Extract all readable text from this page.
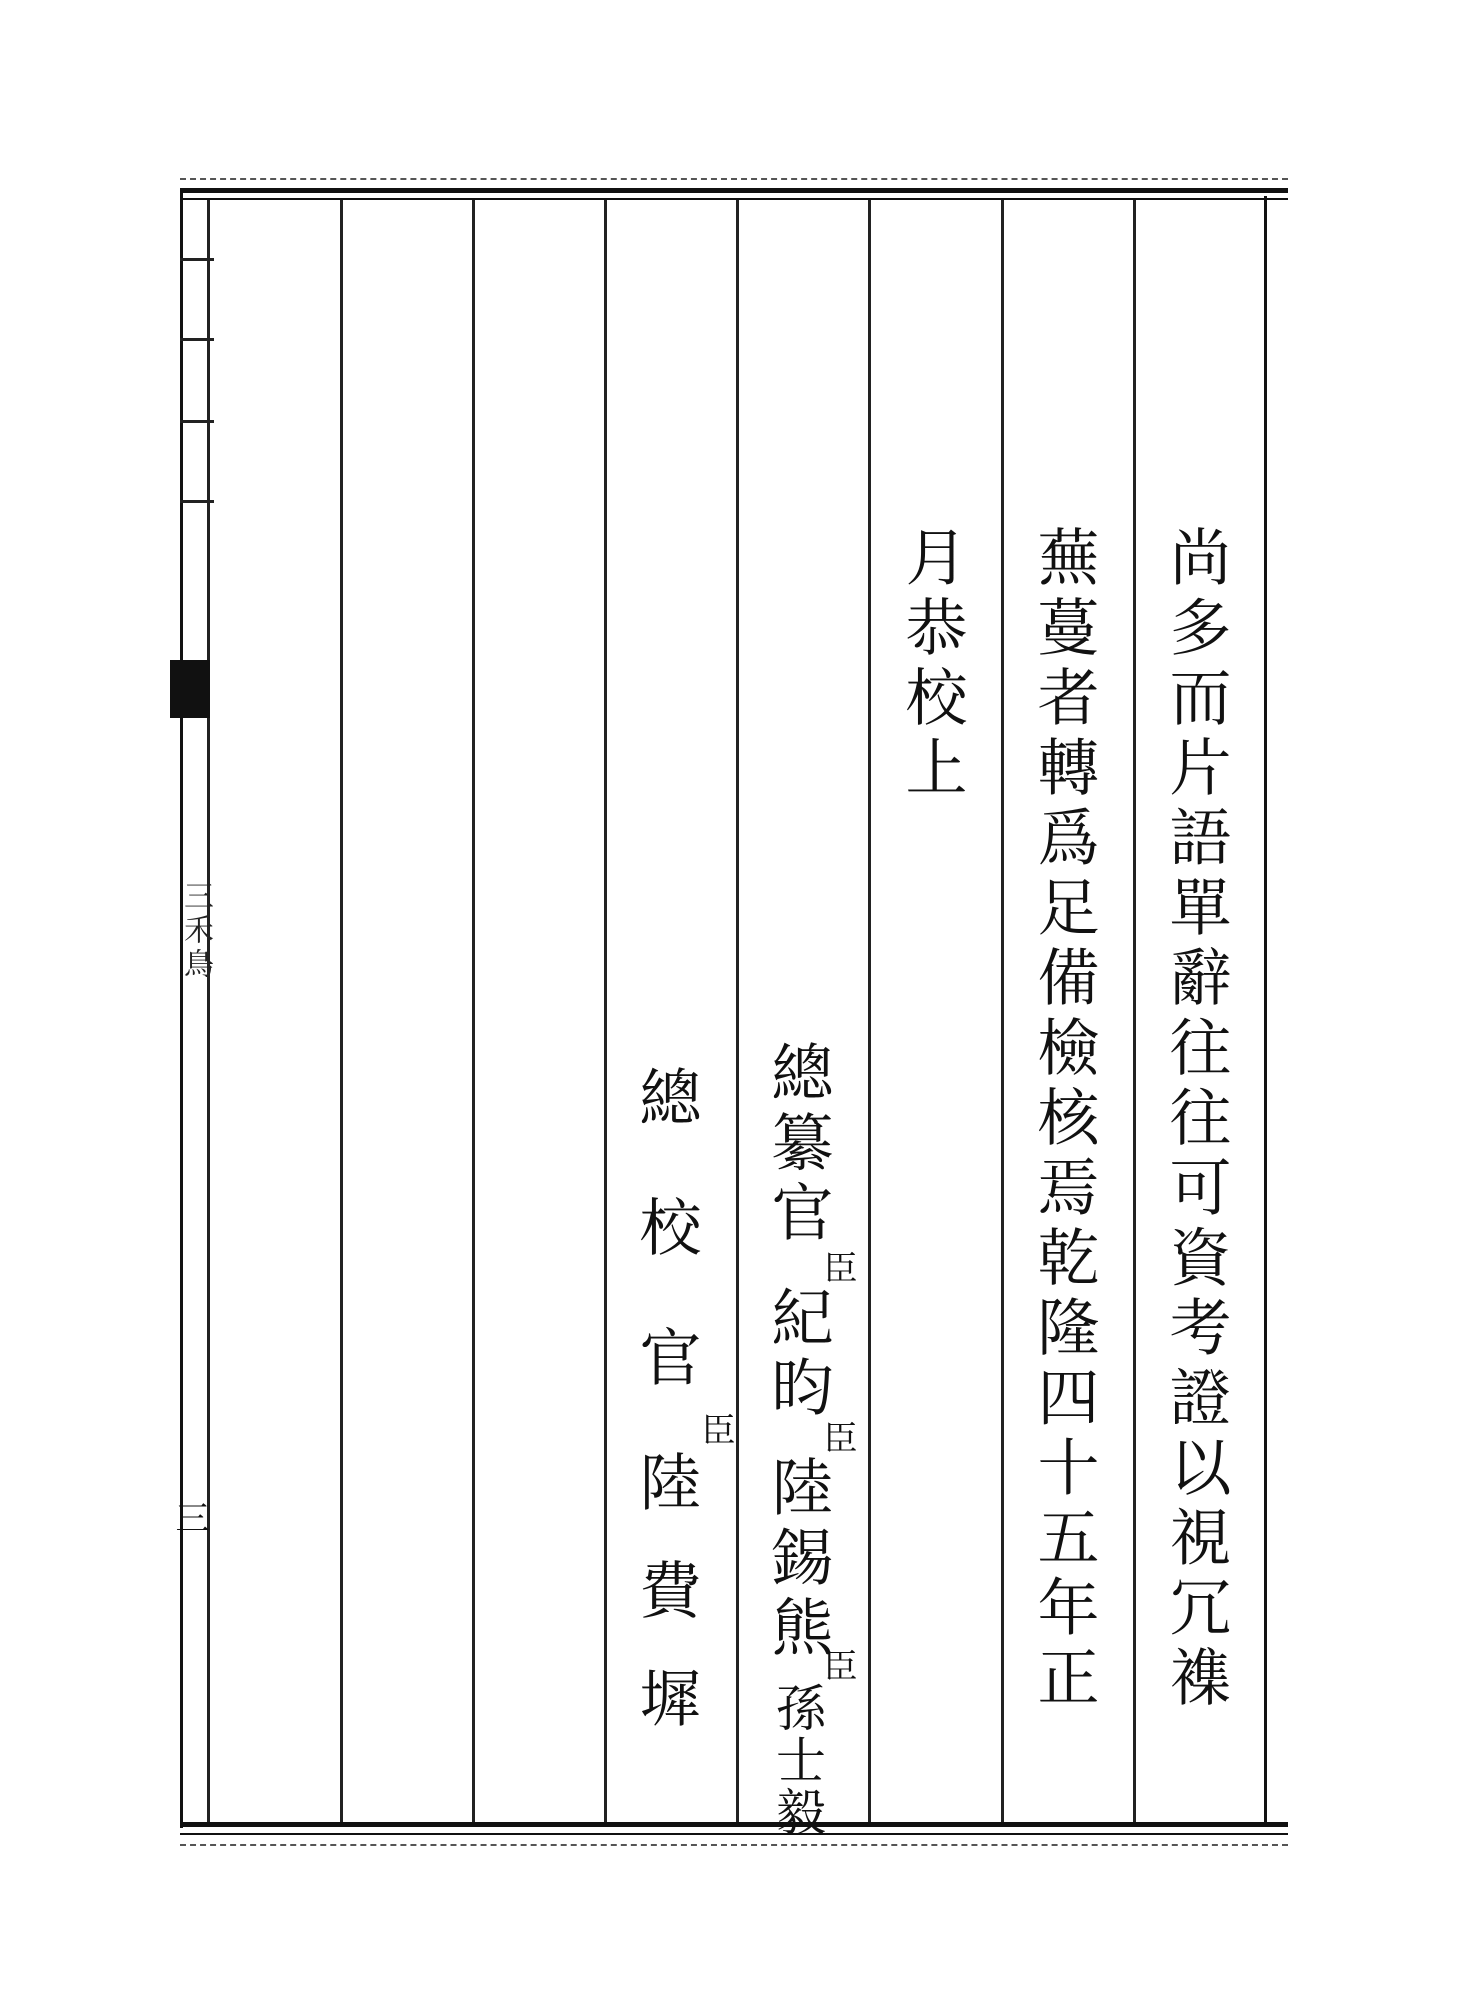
三禾鳥
三	尚多而片語單辭往往可資考證以視冗襍
蕪蔓者轉爲足備檢核焉乾隆四十五年正
月恭校上
總纂官
臣
紀昀
臣
陸錫熊
臣
孫士毅
總校官
臣
陸費墀
